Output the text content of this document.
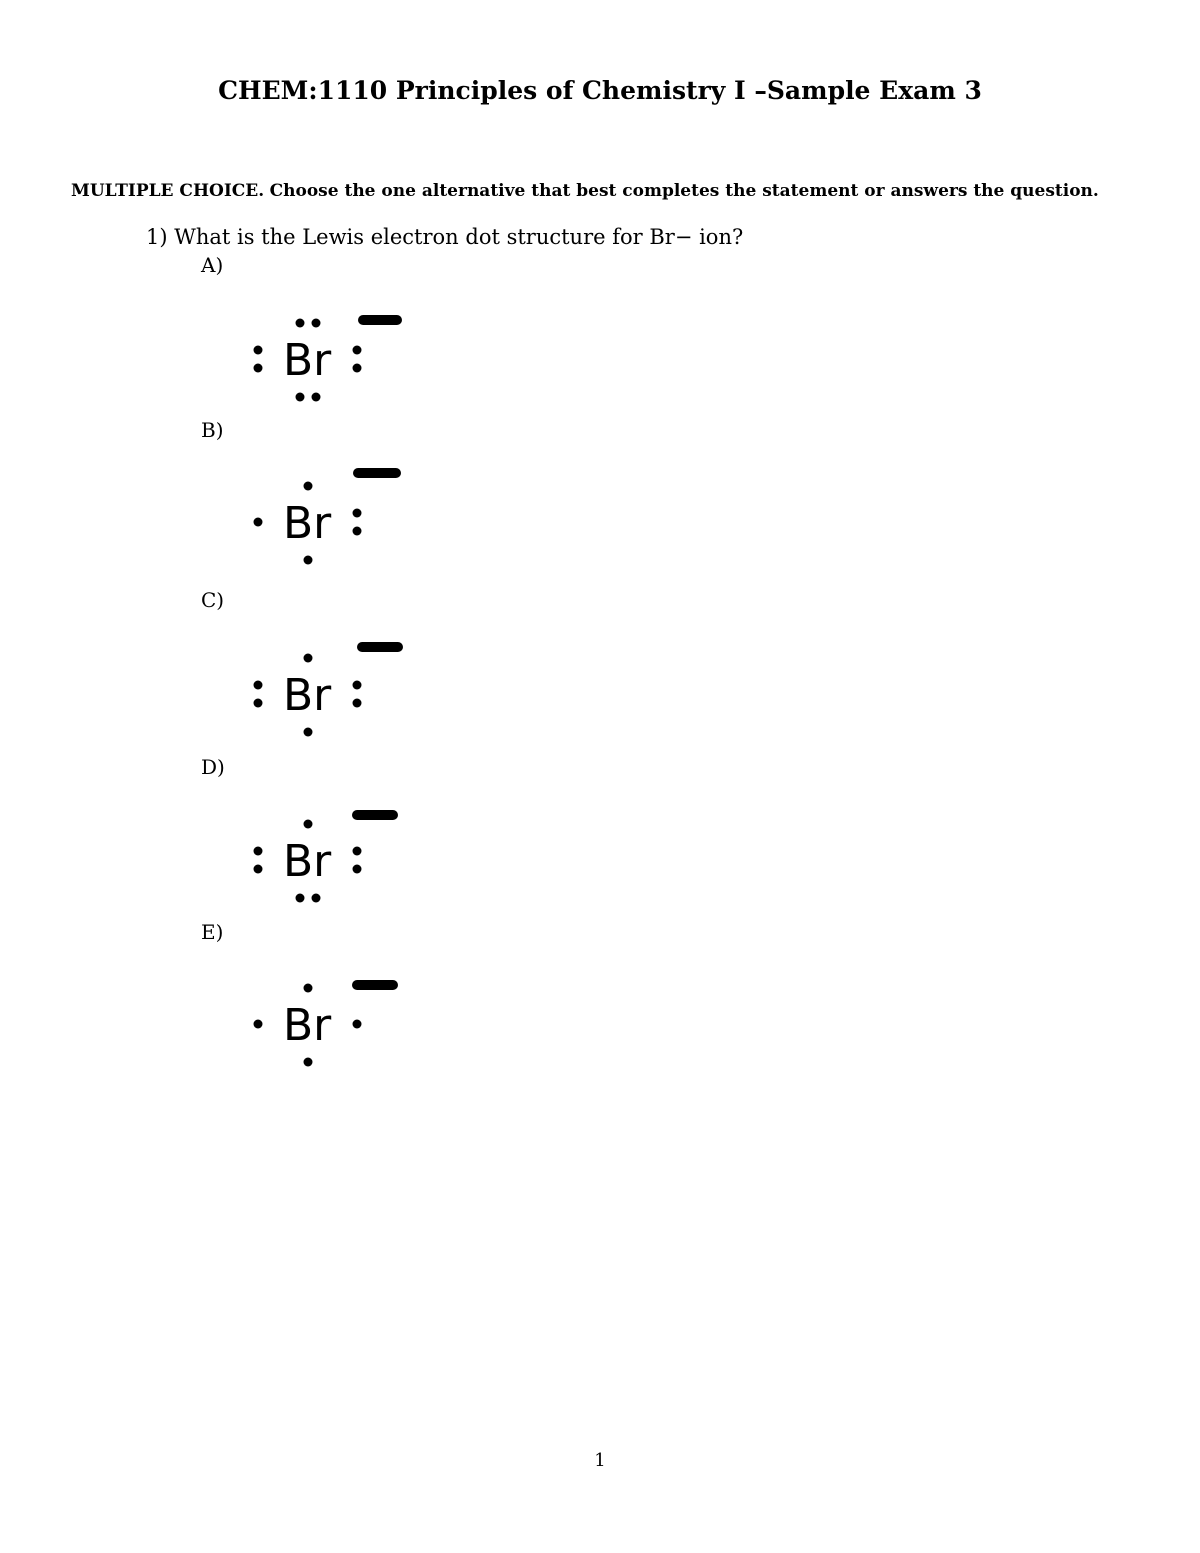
CHEM:1110 Principles of Chemistry I –Sample Exam 3
MULTIPLE CHOICE. Choose the one alternative that best completes the statement or answers the question.
1) What is the Lewis electron dot structure for Br− ion?
A)
Br
B)
Br
C)
Br
D)
Br
E)
Br
1
